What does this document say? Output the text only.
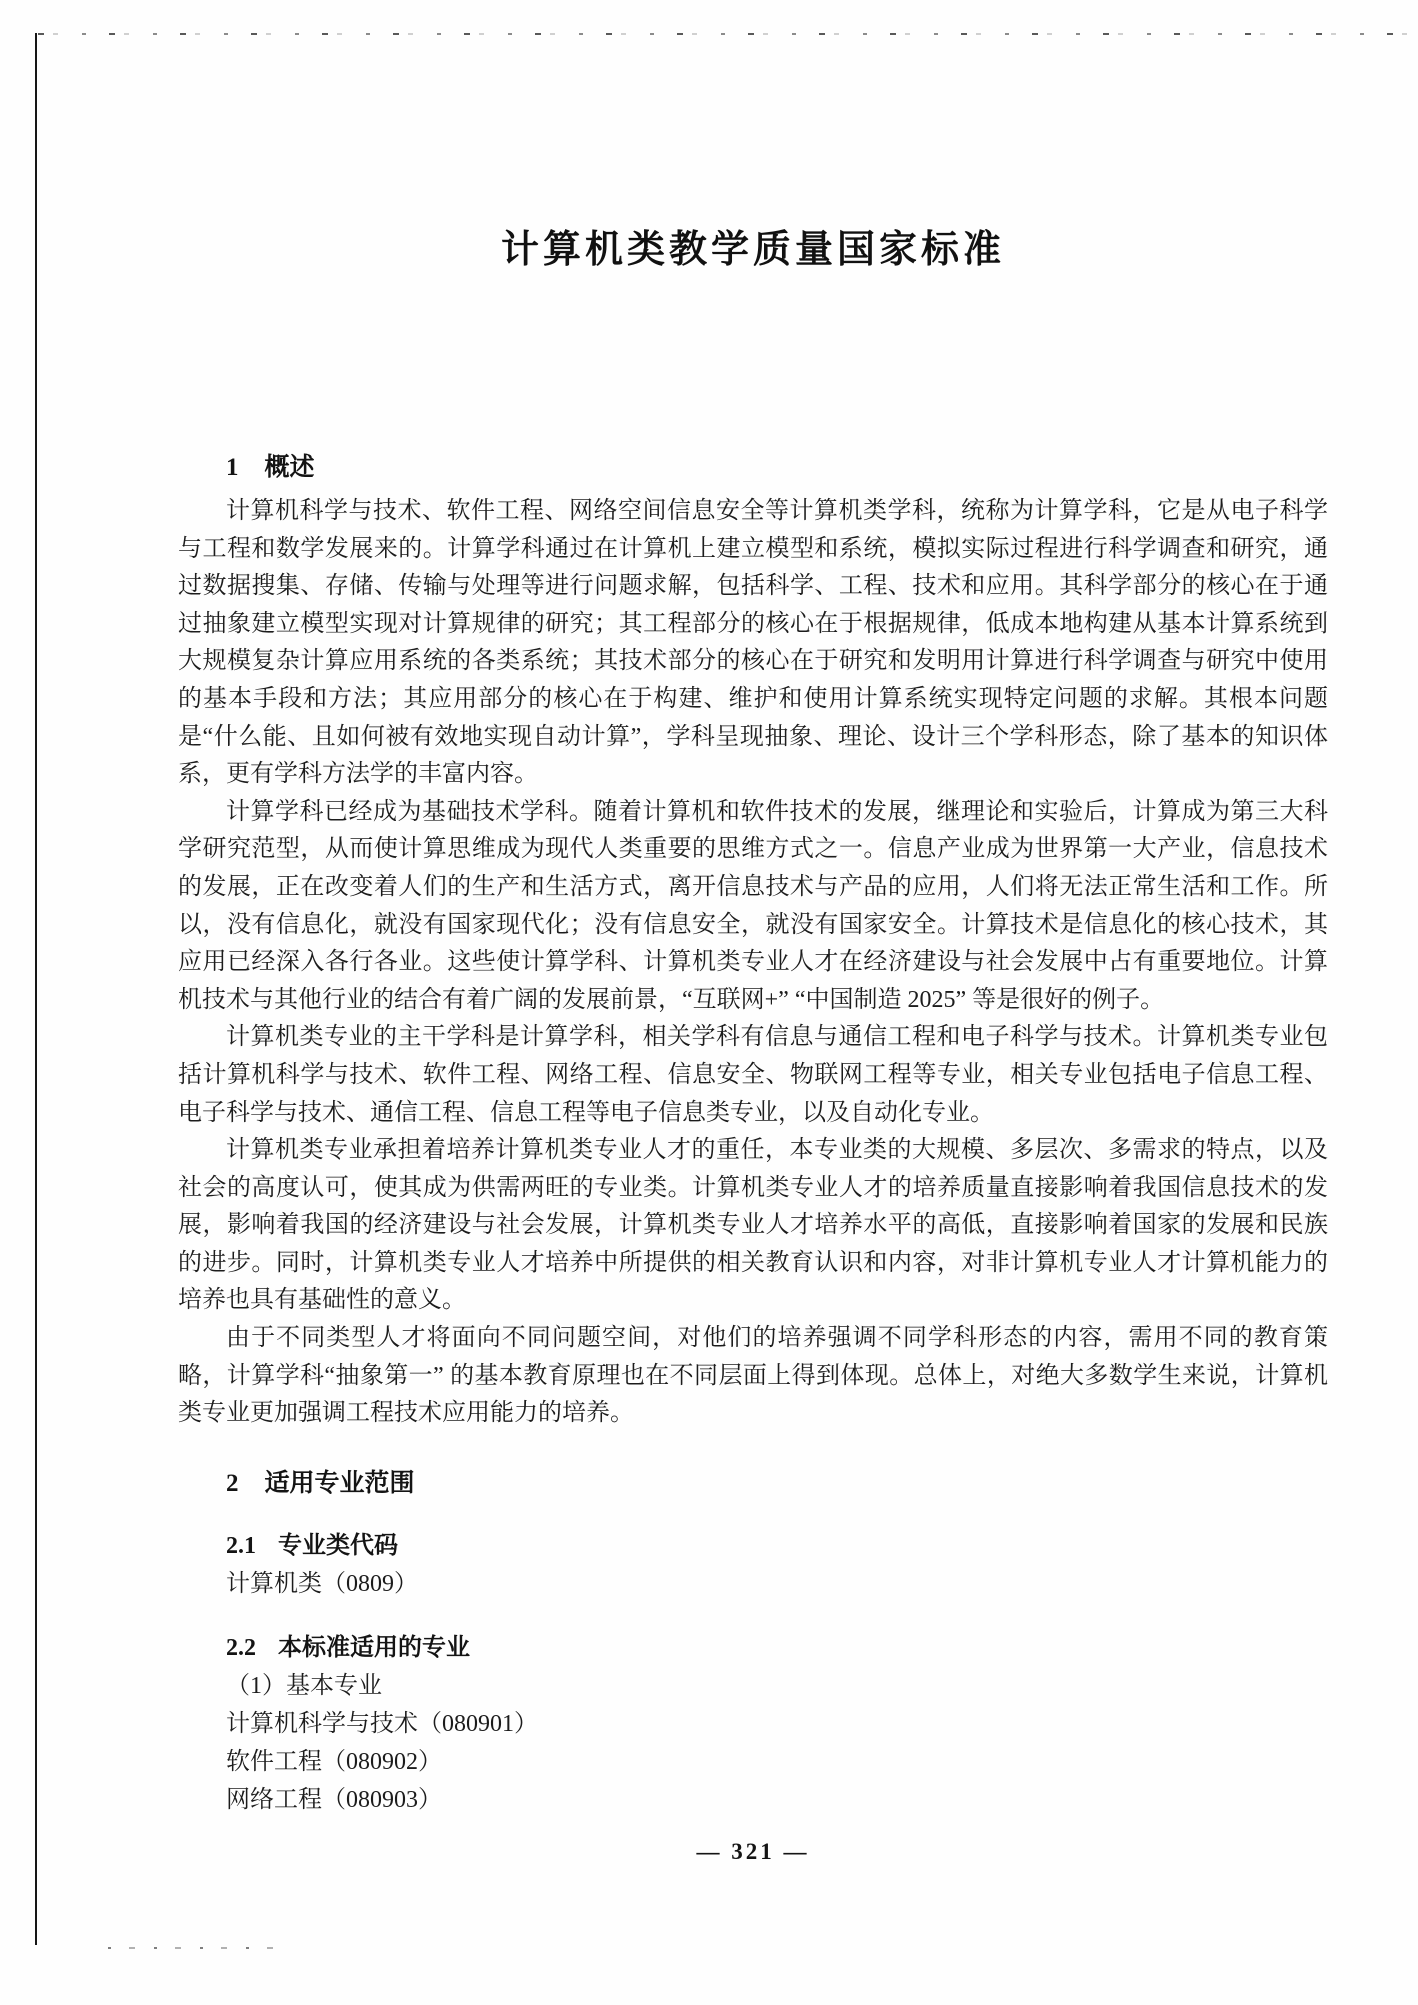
计算机类教学质量国家标准
1 概述

计算机科学与技术、软件工程、网络空间信息安全等计算机类学科，统称为计算学科，它是从电子科学与工程和数学发展来的。计算学科通过在计算机上建立模型和系统，模拟实际过程进行科学调查和研究，通过数据搜集、存储、传输与处理等进行问题求解，包括科学、工程、技术和应用。其科学部分的核心在于通过抽象建立模型实现对计算规律的研究；其工程部分的核心在于根据规律，低成本地构建从基本计算系统到大规模复杂计算应用系统的各类系统；其技术部分的核心在于研究和发明用计算进行科学调查与研究中使用的基本手段和方法；其应用部分的核心在于构建、维护和使用计算系统实现特定问题的求解。其根本问题是“什么能、且如何被有效地实现自动计算”，学科呈现抽象、理论、设计三个学科形态，除了基本的知识体系，更有学科方法学的丰富内容。

计算学科已经成为基础技术学科。随着计算机和软件技术的发展，继理论和实验后，计算成为第三大科学研究范型，从而使计算思维成为现代人类重要的思维方式之一。信息产业成为世界第一大产业，信息技术的发展，正在改变着人们的生产和生活方式，离开信息技术与产品的应用，人们将无法正常生活和工作。所以，没有信息化，就没有国家现代化；没有信息安全，就没有国家安全。计算技术是信息化的核心技术，其应用已经深入各行各业。这些使计算学科、计算机类专业人才在经济建设与社会发展中占有重要地位。计算机技术与其他行业的结合有着广阔的发展前景，“互联网+” “中国制造 2025” 等是很好的例子。

计算机类专业的主干学科是计算学科，相关学科有信息与通信工程和电子科学与技术。计算机类专业包括计算机科学与技术、软件工程、网络工程、信息安全、物联网工程等专业，相关专业包括电子信息工程、电子科学与技术、通信工程、信息工程等电子信息类专业，以及自动化专业。

计算机类专业承担着培养计算机类专业人才的重任，本专业类的大规模、多层次、多需求的特点，以及社会的高度认可，使其成为供需两旺的专业类。计算机类专业人才的培养质量直接影响着我国信息技术的发展，影响着我国的经济建设与社会发展，计算机类专业人才培养水平的高低，直接影响着国家的发展和民族的进步。同时，计算机类专业人才培养中所提供的相关教育认识和内容，对非计算机专业人才计算机能力的培养也具有基础性的意义。

由于不同类型人才将面向不同问题空间，对他们的培养强调不同学科形态的内容，需用不同的教育策略，计算学科“抽象第一” 的基本教育原理也在不同层面上得到体现。总体上，对绝大多数学生来说，计算机类专业更加强调工程技术应用能力的培养。

2 适用专业范围
2.1 专业类代码

计算机类（0809）

2.2 本标准适用的专业

（1）基本专业

计算机科学与技术（080901）

软件工程（080902）

网络工程（080903）

— 321 —
